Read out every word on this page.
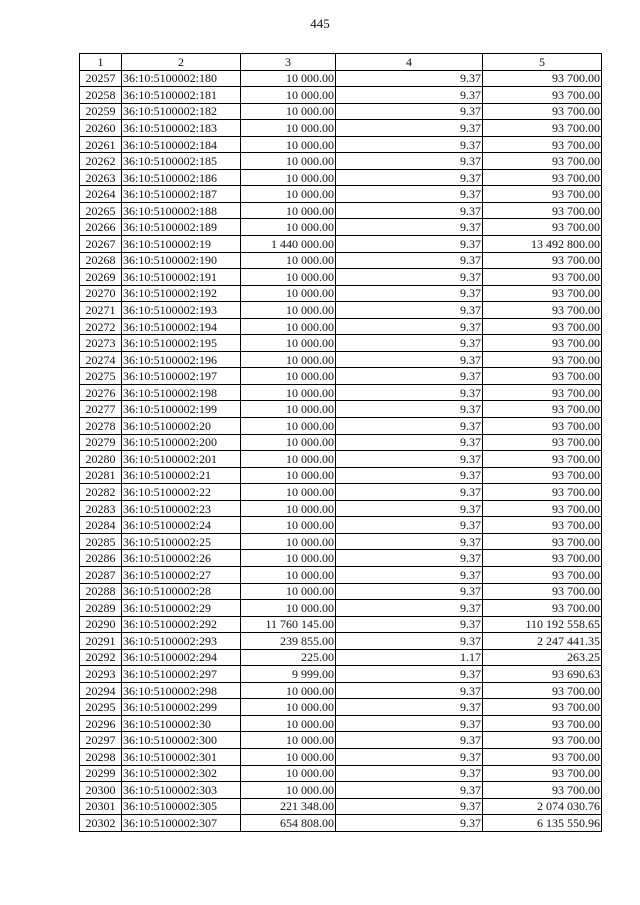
445
1	2	3	4	5
20257	36:10:5100002:180	10 000.00	9.37	93 700.00
20258	36:10:5100002:181	10 000.00	9.37	93 700.00
20259	36:10:5100002:182	10 000.00	9.37	93 700.00
20260	36:10:5100002:183	10 000.00	9.37	93 700.00
20261	36:10:5100002:184	10 000.00	9.37	93 700.00
20262	36:10:5100002:185	10 000.00	9.37	93 700.00
20263	36:10:5100002:186	10 000.00	9.37	93 700.00
20264	36:10:5100002:187	10 000.00	9.37	93 700.00
20265	36:10:5100002:188	10 000.00	9.37	93 700.00
20266	36:10:5100002:189	10 000.00	9.37	93 700.00
20267	36:10:5100002:19	1 440 000.00	9.37	13 492 800.00
20268	36:10:5100002:190	10 000.00	9.37	93 700.00
20269	36:10:5100002:191	10 000.00	9.37	93 700.00
20270	36:10:5100002:192	10 000.00	9.37	93 700.00
20271	36:10:5100002:193	10 000.00	9.37	93 700.00
20272	36:10:5100002:194	10 000.00	9.37	93 700.00
20273	36:10:5100002:195	10 000.00	9.37	93 700.00
20274	36:10:5100002:196	10 000.00	9.37	93 700.00
20275	36:10:5100002:197	10 000.00	9.37	93 700.00
20276	36:10:5100002:198	10 000.00	9.37	93 700.00
20277	36:10:5100002:199	10 000.00	9.37	93 700.00
20278	36:10:5100002:20	10 000.00	9.37	93 700.00
20279	36:10:5100002:200	10 000.00	9.37	93 700.00
20280	36:10:5100002:201	10 000.00	9.37	93 700.00
20281	36:10:5100002:21	10 000.00	9.37	93 700.00
20282	36:10:5100002:22	10 000.00	9.37	93 700.00
20283	36:10:5100002:23	10 000.00	9.37	93 700.00
20284	36:10:5100002:24	10 000.00	9.37	93 700.00
20285	36:10:5100002:25	10 000.00	9.37	93 700.00
20286	36:10:5100002:26	10 000.00	9.37	93 700.00
20287	36:10:5100002:27	10 000.00	9.37	93 700.00
20288	36:10:5100002:28	10 000.00	9.37	93 700.00
20289	36:10:5100002:29	10 000.00	9.37	93 700.00
20290	36:10:5100002:292	11 760 145.00	9.37	110 192 558.65
20291	36:10:5100002:293	239 855.00	9.37	2 247 441.35
20292	36:10:5100002:294	225.00	1.17	263.25
20293	36:10:5100002:297	9 999.00	9.37	93 690.63
20294	36:10:5100002:298	10 000.00	9.37	93 700.00
20295	36:10:5100002:299	10 000.00	9.37	93 700.00
20296	36:10:5100002:30	10 000.00	9.37	93 700.00
20297	36:10:5100002:300	10 000.00	9.37	93 700.00
20298	36:10:5100002:301	10 000.00	9.37	93 700.00
20299	36:10:5100002:302	10 000.00	9.37	93 700.00
20300	36:10:5100002:303	10 000.00	9.37	93 700.00
20301	36:10:5100002:305	221 348.00	9.37	2 074 030.76
20302	36:10:5100002:307	654 808.00	9.37	6 135 550.96
